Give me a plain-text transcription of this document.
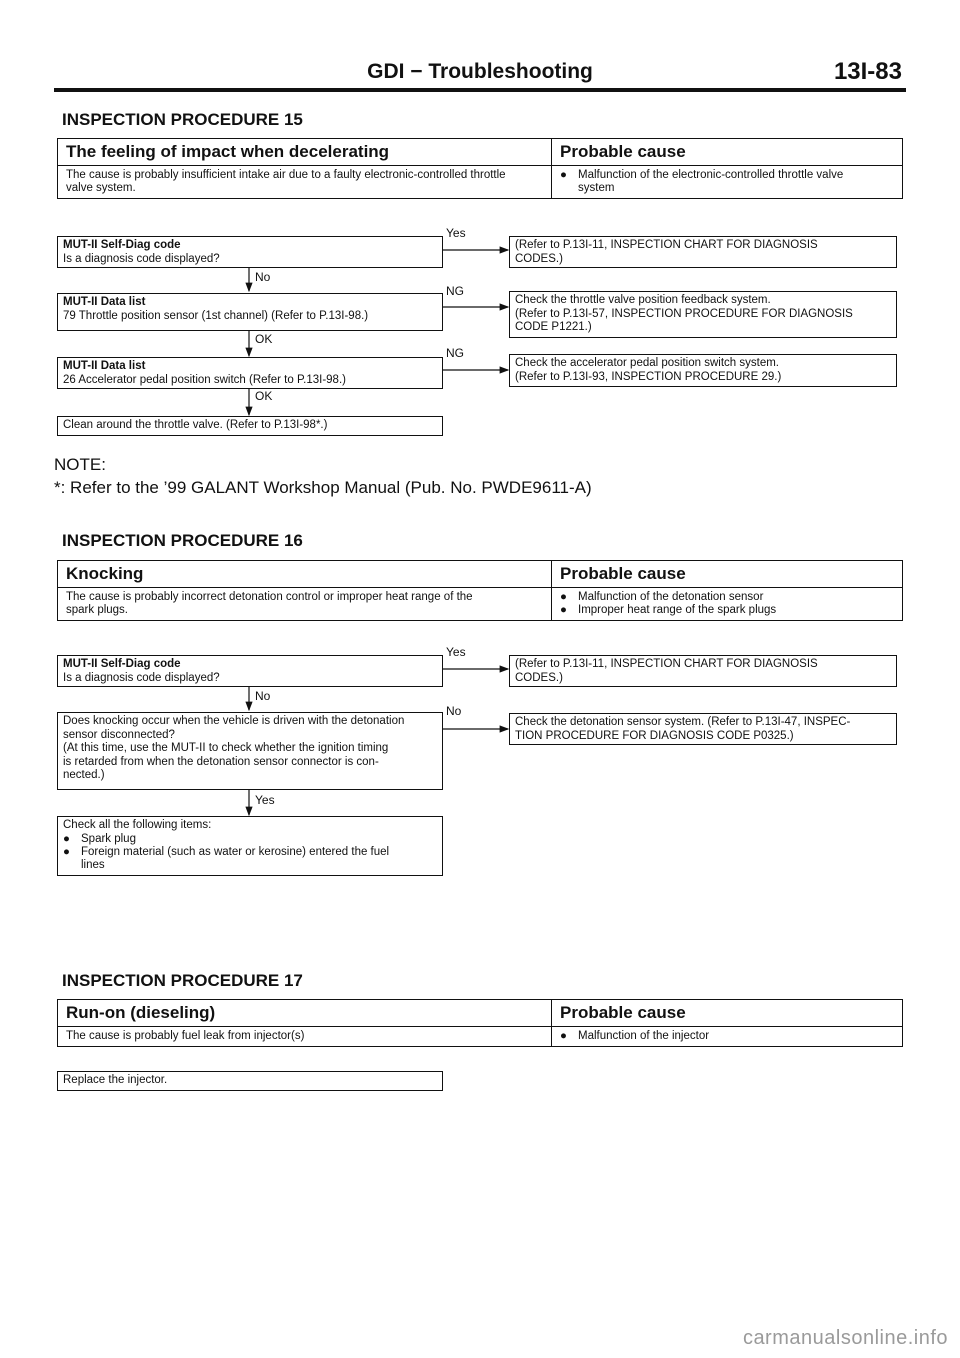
GDI − Troubleshooting	13I-83
INSPECTION PROCEDURE 15
The feeling of impact when decelerating	Probable cause
The cause is probably insufficient intake air due to a faulty electronic-controlled throttle
valve system.
● Malfunction of the electronic-controlled throttle valve
system
MUT-II Self-Diag code
Is a diagnosis code displayed?
Yes
No
(Refer to P.13I-11, INSPECTION CHART FOR DIAGNOSIS
CODES.)
MUT-II Data list
79 Throttle position sensor (1st channel) (Refer to P.13I-98.)
NG
OK
Check the throttle valve position feedback system.
(Refer to P.13I-57, INSPECTION PROCEDURE FOR DIAGNOSIS
CODE P1221.)
MUT-II Data list
26 Accelerator pedal position switch (Refer to P.13I-98.)
NG
OK
Check the accelerator pedal position switch system.
(Refer to P.13I-93, INSPECTION PROCEDURE 29.)
Clean around the throttle valve. (Refer to P.13I-98*.)
NOTE:
*: Refer to the ’99 GALANT Workshop Manual (Pub. No. PWDE9611-A)
INSPECTION PROCEDURE 16
Knocking	Probable cause
The cause is probably incorrect detonation control or improper heat range of the
spark plugs.
● Malfunction of the detonation sensor
● Improper heat range of the spark plugs
MUT-II Self-Diag code
Is a diagnosis code displayed?
Yes
No
(Refer to P.13I-11, INSPECTION CHART FOR DIAGNOSIS
CODES.)
Does knocking occur when the vehicle is driven with the detonation
sensor disconnected?
(At this time, use the MUT-II to check whether the ignition timing
is retarded from when the detonation sensor connector is con-
nected.)
No
Yes
Check the detonation sensor system. (Refer to P.13I-47, INSPEC-
TION PROCEDURE FOR DIAGNOSIS CODE P0325.)
Check all the following items:
● Spark plug
● Foreign material (such as water or kerosine) entered the fuel
lines
INSPECTION PROCEDURE 17
Run-on (dieseling)	Probable cause
The cause is probably fuel leak from injector(s)	● Malfunction of the injector
Replace the injector.
carmanualsonline.info
